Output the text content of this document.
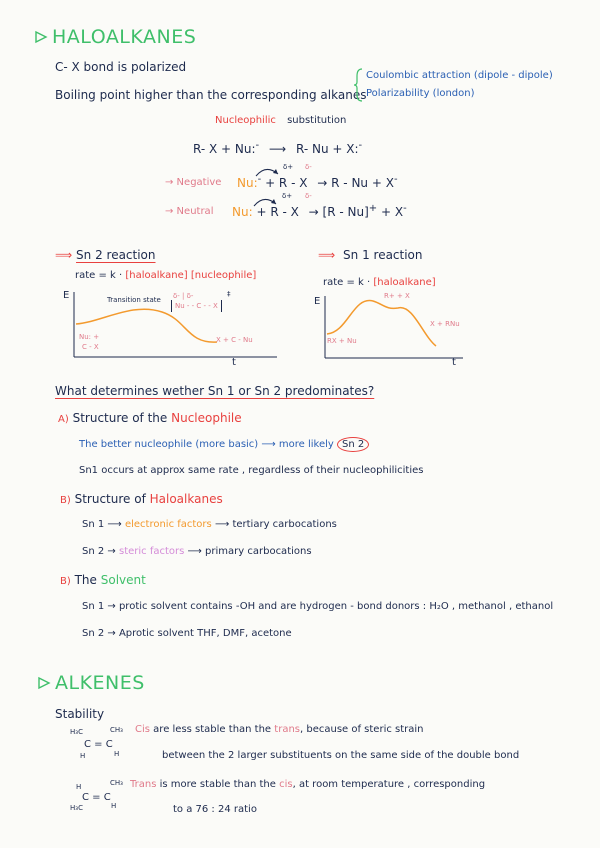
HALOALKANES
C- X bond is polarized
Boiling point higher than the corresponding alkanes
Coulombic attraction (dipole - dipole)
Polarizability (london)
Nucleophilic substitution
R- X + Nu:- ⟶ R- Nu + X:-
→ Negative
δ+ δ-
Nu:- + R - X → R - Nu + X-
→ Neutral
δ+ δ-
Nu: + R - X → [R - Nu]+ + X-
⟹ Sn 2 reaction
rate = k · [haloalkane] [nucleophile]
E
t
Transition state δ- | δ-
Nu - - C - - X
‡
Nu: +
C - X
X + C - Nu
⟹ Sn 1 reaction
rate = k · [haloalkane]
E
t
R+ + X
RX + Nu
X + RNu
What determines wether Sn 1 or Sn 2 predominates?
A) Structure of the Nucleophile
The better nucleophile (more basic) ⟶ more likely Sn 2
Sn1 occurs at approx same rate , regardless of their nucleophilicities
B) Structure of Haloalkanes
Sn 1 ⟶ electronic factors ⟶ tertiary carbocations
Sn 2 → steric factors ⟶ primary carbocations
B) The Solvent
Sn 1 → protic solvent contains -OH and are hydrogen - bond donors : H₂O , methanol , ethanol
Sn 2 → Aprotic solvent THF, DMF, acetone
ALKENES
Stability
H₃C	CH₃
C = C
H	H
Cis are less stable than the trans, because of steric strain
between the 2 larger substituents on the same side of the double bond
H	CH₃
C = C
H₃C	H
Trans is more stable than the cis, at room temperature , corresponding
to a 76 : 24 ratio
